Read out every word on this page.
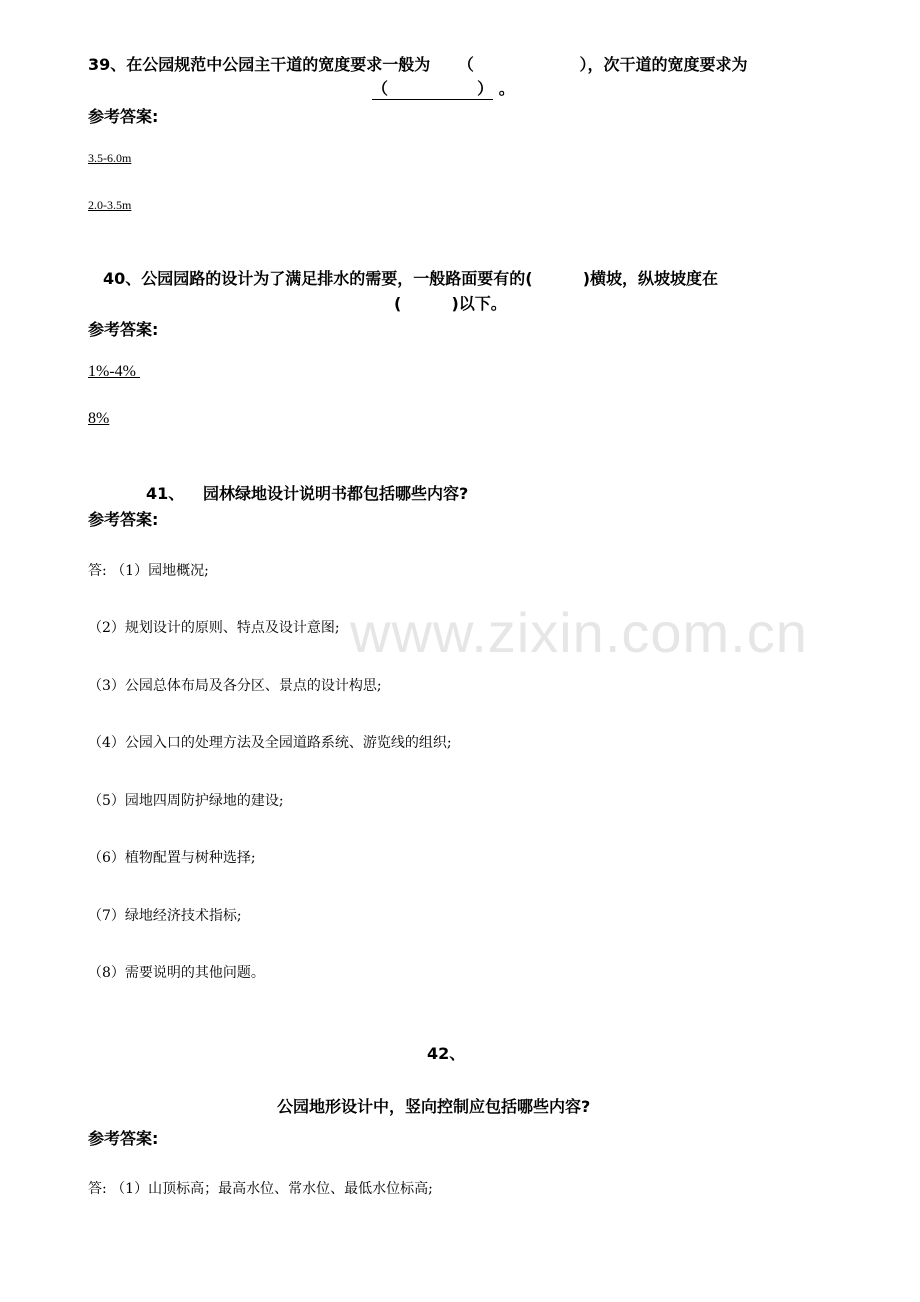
www.zixin.com.cn
39、在公园规范中公园主干道的宽度要求一般为 （	），次干道的宽度要求为
（                ） 。
参考答案:
3.5-6.0m
2.0-3.5m
40、公园园路的设计为了满足排水的需要，一般路面要有的(         )横坡，纵坡坡度在
(         )以下。
参考答案:
1%-4%
8%
41、 园林绿地设计说明书都包括哪些内容?
参考答案:
答: （1）园地概况;
（2）规划设计的原则、特点及设计意图;
（3）公园总体布局及各分区、景点的设计构思;
（4）公园入口的处理方法及全园道路系统、游览线的组织;
（5）园地四周防护绿地的建设;
（6）植物配置与树种选择;
（7）绿地经济技术指标;
（8）需要说明的其他问题。
42、
公园地形设计中，竖向控制应包括哪些内容?
参考答案:
答: （1）山顶标高；最高水位、常水位、最低水位标高;
